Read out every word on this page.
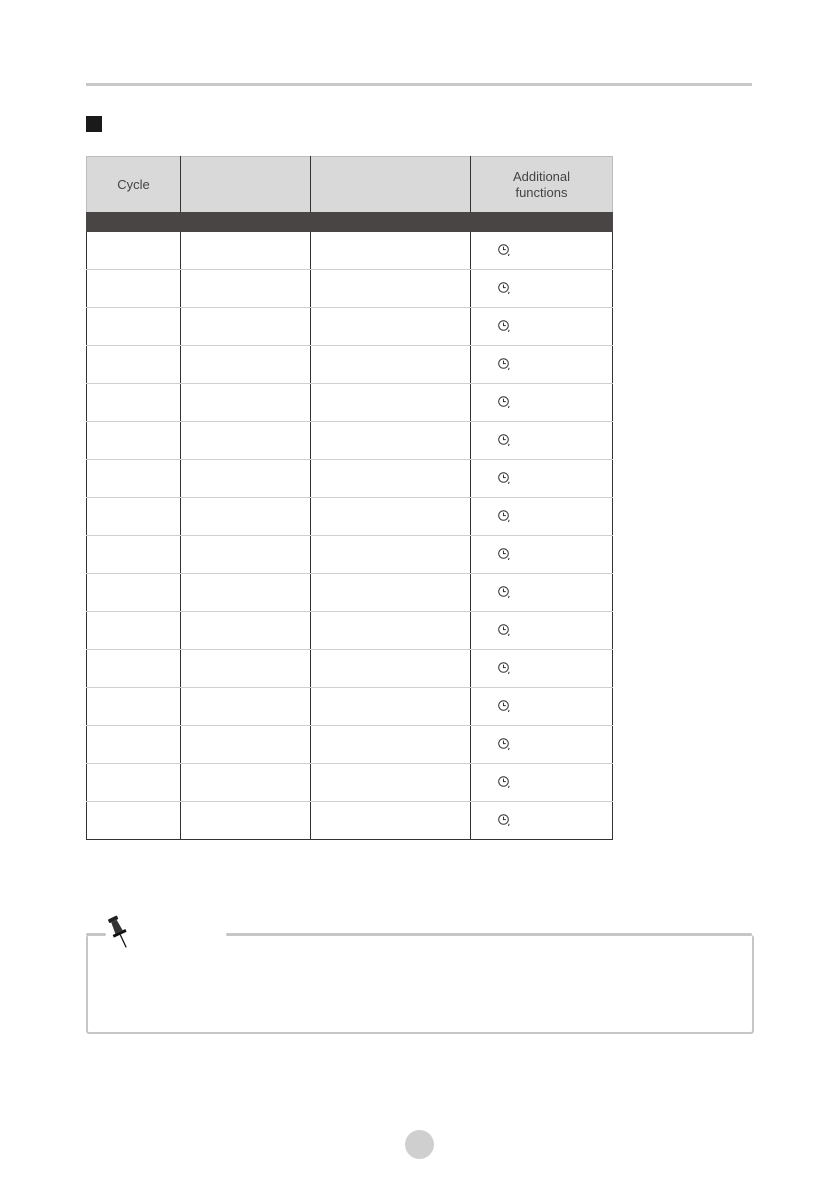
Cycle			Additional functions
